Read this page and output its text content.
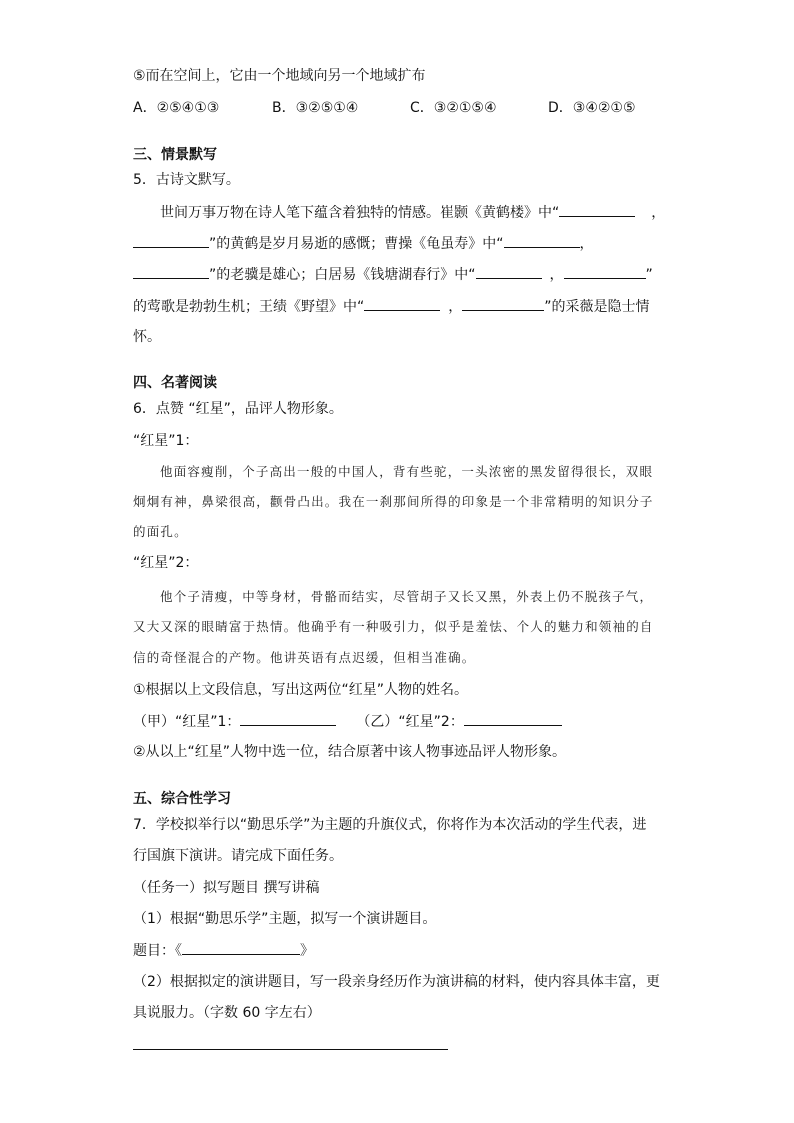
⑤而在空间上，它由一个地域向另一个地域扩布
A．②⑤④①③	B．③②⑤①④	C．③②①⑤④	D．③④②①⑤
三、情景默写
5．古诗文默写。
世间万事万物在诗人笔下蕴含着独特的情感。崔颢《黄鹤楼》中“	，
”的黄鹤是岁月易逝的感慨；曹操《龟虽寿》中“	，
”的老骥是雄心；白居易《钱塘湖春行》中“	，	”
的莺歌是勃勃生机；王绩《野望》中“	，	”的采薇是隐士情
怀。
四、名著阅读
6．点赞 “红星”，品评人物形象。
“红星”1：
他面容瘦削，个子高出一般的中国人，背有些驼，一头浓密的黑发留得很长，双眼
炯炯有神，鼻梁很高，颧骨凸出。我在一刹那间所得的印象是一个非常精明的知识分子
的面孔。
“红星”2：
他个子清瘦，中等身材，骨骼而结实，尽管胡子又长又黑，外表上仍不脱孩子气，
又大又深的眼睛富于热情。他确乎有一种吸引力，似乎是羞怯、个人的魅力和领袖的自
信的奇怪混合的产物。他讲英语有点迟缓，但相当准确。
①根据以上文段信息，写出这两位“红星”人物的姓名。
（甲）“红星”1：	（乙）“红星”2：
②从以上“红星”人物中选一位，结合原著中该人物事迹品评人物形象。
五、综合性学习
7．学校拟举行以“勤思乐学”为主题的升旗仪式，你将作为本次活动的学生代表，进
行国旗下演讲。请完成下面任务。
（任务一）拟写题目 撰写讲稿
（1）根据“勤思乐学”主题，拟写一个演讲题目。
题目：《	》
（2）根据拟定的演讲题目，写一段亲身经历作为演讲稿的材料，使内容具体丰富，更
具说服力。（字数 60 字左右）
